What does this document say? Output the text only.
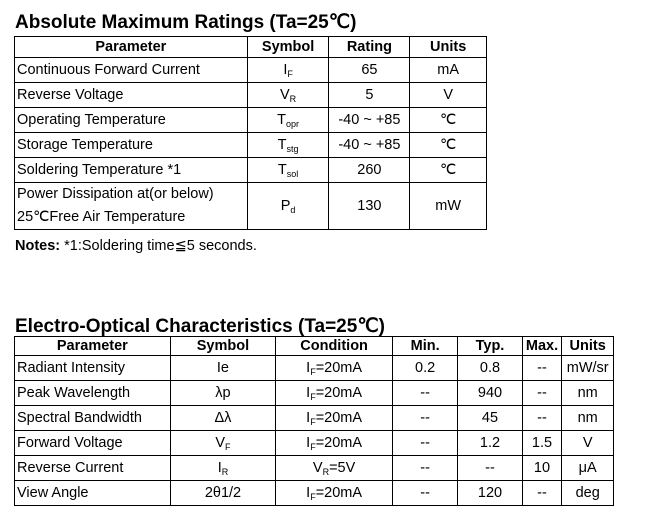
Absolute Maximum Ratings (Ta=25℃)
Parameter	Symbol	Rating	Units
Continuous Forward Current	$I_F$	65	mA
Reverse Voltage	$V_R$	5	V
Operating Temperature	$T_{opr}$	-40 ~ +85	℃
Storage Temperature	$T_{stg}$	-40 ~ +85	℃
Soldering Temperature *1	$T_{sol}$	260	℃

Power Dissipation at(or below)
25℃Free Air Temperature	$P_d$	130	mW
Notes: *1:Soldering time≦5 seconds.
Electro-Optical Characteristics (Ta=25℃)
Parameter	Symbol	Condition	Min.	Typ.	Max.	Units
Radiant Intensity	Ie	$I_F=20mA$	0.2	0.8	--	mW/sr
Peak Wavelength	λp	$I_F=20mA$	--	940	--	nm
Spectral Bandwidth	Δλ	$I_F=20mA$	--	45	--	nm
Forward Voltage	$V_F$	$I_F=20mA$	--	1.2	1.5	V
Reverse Current	$I_R$	$V_R=5V$	--	--	10	μA
View Angle	2θ1/2	$I_F=20mA$	--	120	--	deg
